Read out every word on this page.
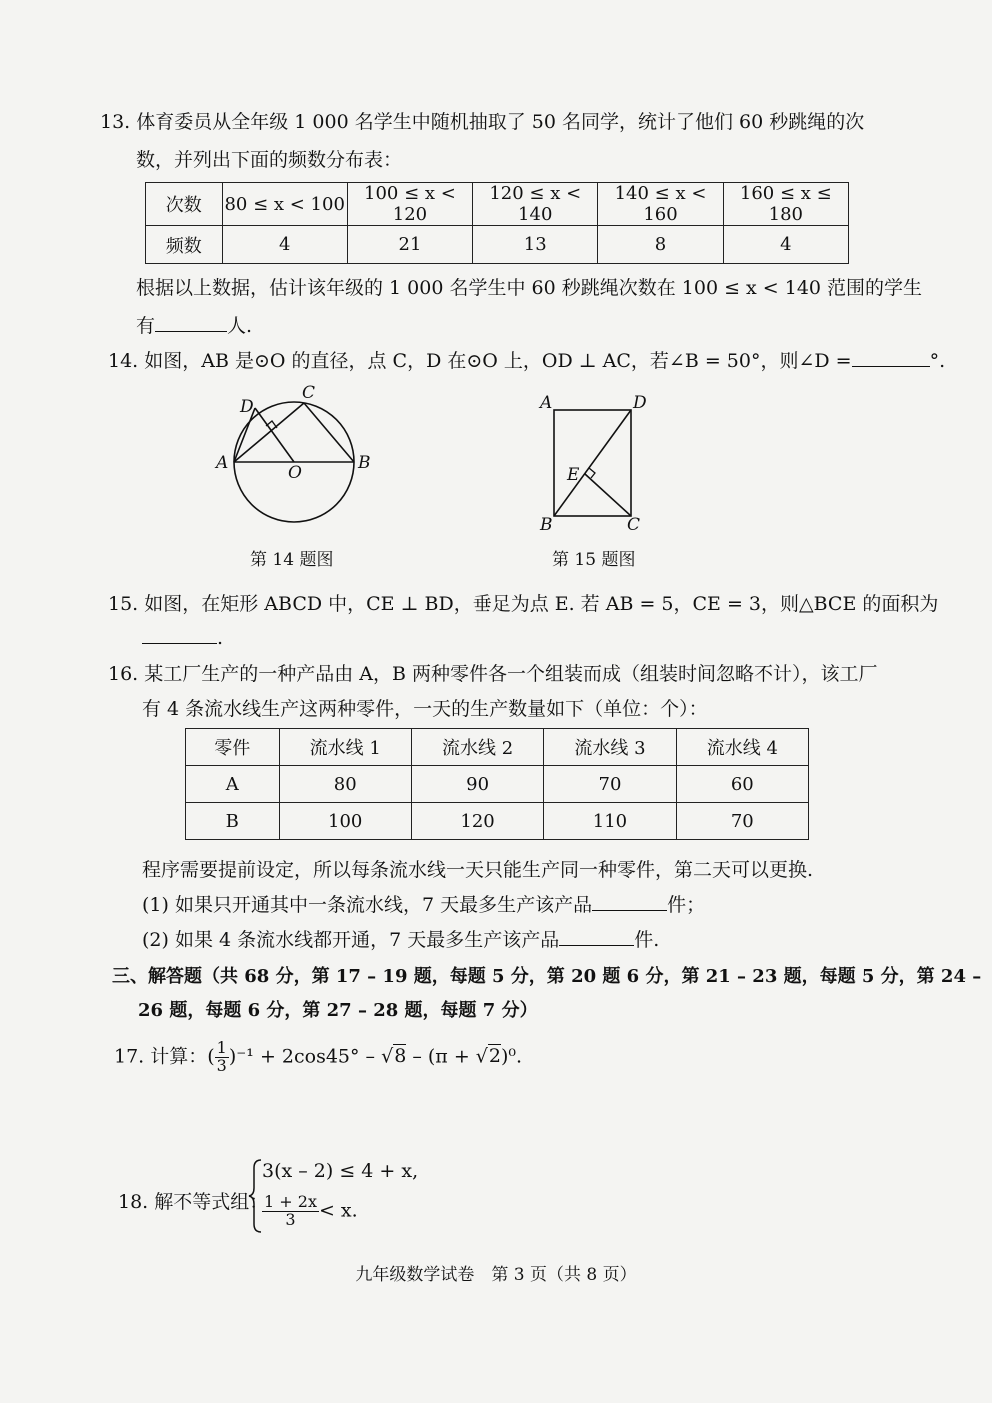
13. 体育委员从全年级 1 000 名学生中随机抽取了 50 名同学，统计了他们 60 秒跳绳的次
数，并列出下面的频数分布表：
次数	80 ≤ x < 100	100 ≤ x < 120	120 ≤ x < 140	140 ≤ x < 160	160 ≤ x ≤ 180
频数	4	21	13	8	4
根据以上数据，估计该年级的 1 000 名学生中 60 秒跳绳次数在 100 ≤ x < 140 范围的学生
有	人.
14. 如图，AB 是⊙O 的直径，点 C，D 在⊙O 上，OD ⊥ AC，若∠B = 50°，则∠D =	°.
D
C
A	B
O
第 14 题图
A	D
E
B	C
第 15 题图
15. 如图，在矩形 ABCD 中，CE ⊥ BD，垂足为点 E. 若 AB = 5，CE = 3，则△BCE 的面积为
.
16. 某工厂生产的一种产品由 A，B 两种零件各一个组装而成（组装时间忽略不计），该工厂
有 4 条流水线生产这两种零件，一天的生产数量如下（单位：个）：
零件	流水线 1	流水线 2	流水线 3	流水线 4
A	80	90	70	60
B	100	120	110	70
程序需要提前设定，所以每条流水线一天只能生产同一种零件，第二天可以更换.
(1) 如果只开通其中一条流水线，7 天最多生产该产品	件；
(2) 如果 4 条流水线都开通，7 天最多生产该产品	件.
三、解答题（共 68 分，第 17 – 19 题，每题 5 分，第 20 题 6 分，第 21 – 23 题，每题 5 分，第 24 –
26 题，每题 6 分，第 27 – 28 题，每题 7 分）
17. 计算：( $\frac{1}{3} )^{-1} + 2\cos 45^\circ - √8 - (\pi + √2)^0$.
18. 解不等式组：
3(x – 2) ≤ 4 + x,
$\frac{1 + 2x}{3} < x$.
九年级数学试卷　第 3 页（共 8 页）
